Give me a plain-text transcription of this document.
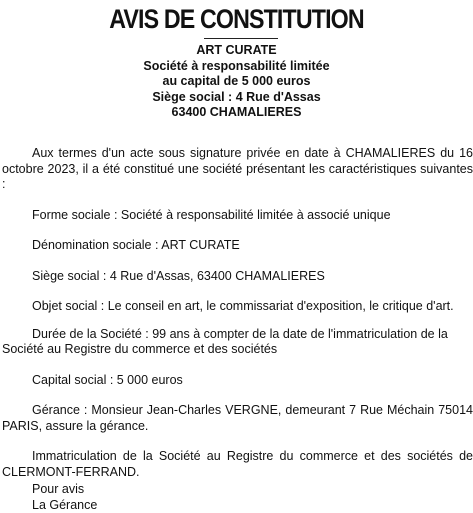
AVIS DE CONSTITUTION
ART CURATE
Société à responsabilité limitée
au capital de 5 000 euros
Siège social : 4 Rue d'Assas
63400 CHAMALIERES

Aux termes d'un acte sous signature privée en date à CHAMALIERES du 16 octobre 2023, il a été constitué une société présentant les caractéristiques suivantes :

Forme sociale : Société à responsabilité limitée à associé unique

Dénomination sociale : ART CURATE

Siège social : 4 Rue d'Assas, 63400 CHAMALIERES

Objet social : Le conseil en art, le commissariat d'exposition, le critique d'art.

Durée de la Société : 99 ans à compter de la date de l'immatriculation de la Société au Registre du commerce et des sociétés

Capital social : 5 000 euros

Gérance : Monsieur Jean-Charles VERGNE, demeurant 7 Rue Méchain 75014 PARIS, assure la gérance.

Immatriculation de la Société au Registre du commerce et des sociétés de CLERMONT-FERRAND.

Pour avis
La Gérance
